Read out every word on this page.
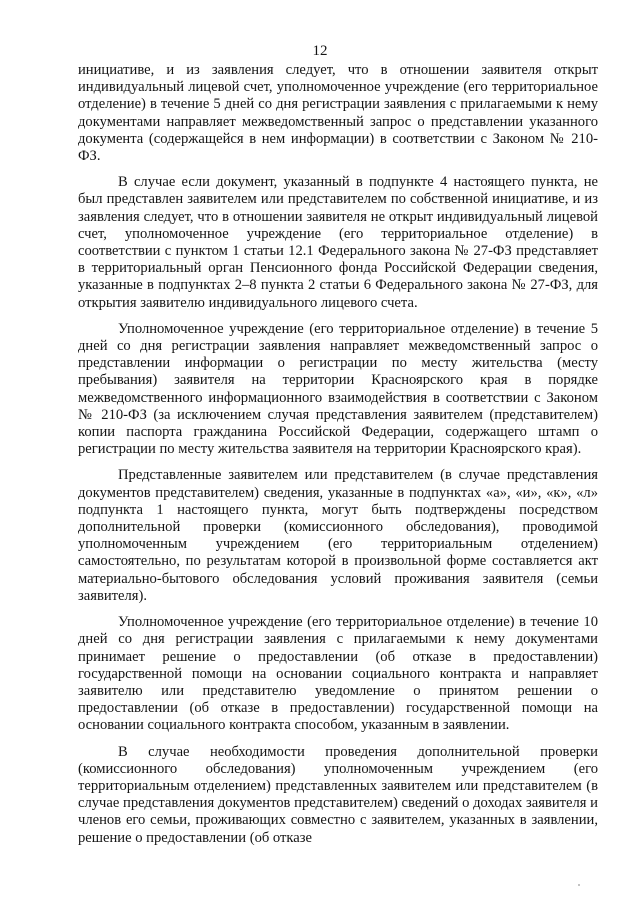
12

инициативе, и из заявления следует, что в отношении заявителя открыт индивидуальный лицевой счет, уполномоченное учреждение (его территориальное отделение) в течение 5 дней со дня регистрации заявления с прилагаемыми к нему документами направляет межведомственный запрос о представлении указанного документа (содержащейся в нем информации) в соответствии с Законом № 210-ФЗ.

В случае если документ, указанный в подпункте 4 настоящего пункта, не был представлен заявителем или представителем по собственной инициативе, и из заявления следует, что в отношении заявителя не открыт индивидуальный лицевой счет, уполномоченное учреждение (его территориальное отделение) в соответствии с пунктом 1 статьи 12.1 Федерального закона № 27-ФЗ представляет в территориальный орган Пенсионного фонда Российской Федерации сведения, указанные в подпунктах 2–8 пункта 2 статьи 6 Федерального закона № 27-ФЗ, для открытия заявителю индивидуального лицевого счета.

Уполномоченное учреждение (его территориальное отделение) в течение 5 дней со дня регистрации заявления направляет межведомственный запрос о представлении информации о регистрации по месту жительства (месту пребывания) заявителя на территории Красноярского края в порядке межведомственного информационного взаимодействия в соответствии с Законом № 210-ФЗ (за исключением случая представления заявителем (представителем) копии паспорта гражданина Российской Федерации, содержащего штамп о регистрации по месту жительства заявителя на территории Красноярского края).

Представленные заявителем или представителем (в случае представления документов представителем) сведения, указанные в подпунктах «а», «и», «к», «л» подпункта 1 настоящего пункта, могут быть подтверждены посредством дополнительной проверки (комиссионного обследования), проводимой уполномоченным учреждением (его территориальным отделением) самостоятельно, по результатам которой в произвольной форме составляется акт материально-бытового обследования условий проживания заявителя (семьи заявителя).

Уполномоченное учреждение (его территориальное отделение) в течение 10 дней со дня регистрации заявления с прилагаемыми к нему документами принимает решение о предоставлении (об отказе в предоставлении) государственной помощи на основании социального контракта и направляет заявителю или представителю уведомление о принятом решении о предоставлении (об отказе в предоставлении) государственной помощи на основании социального контракта способом, указанным в заявлении.

В случае необходимости проведения дополнительной проверки (комиссионного обследования) уполномоченным учреждением (его территориальным отделением) представленных заявителем или представителем (в случае представления документов представителем) сведений о доходах заявителя и членов его семьи, проживающих совместно с заявителем, указанных в заявлении, решение о предоставлении (об отказе
